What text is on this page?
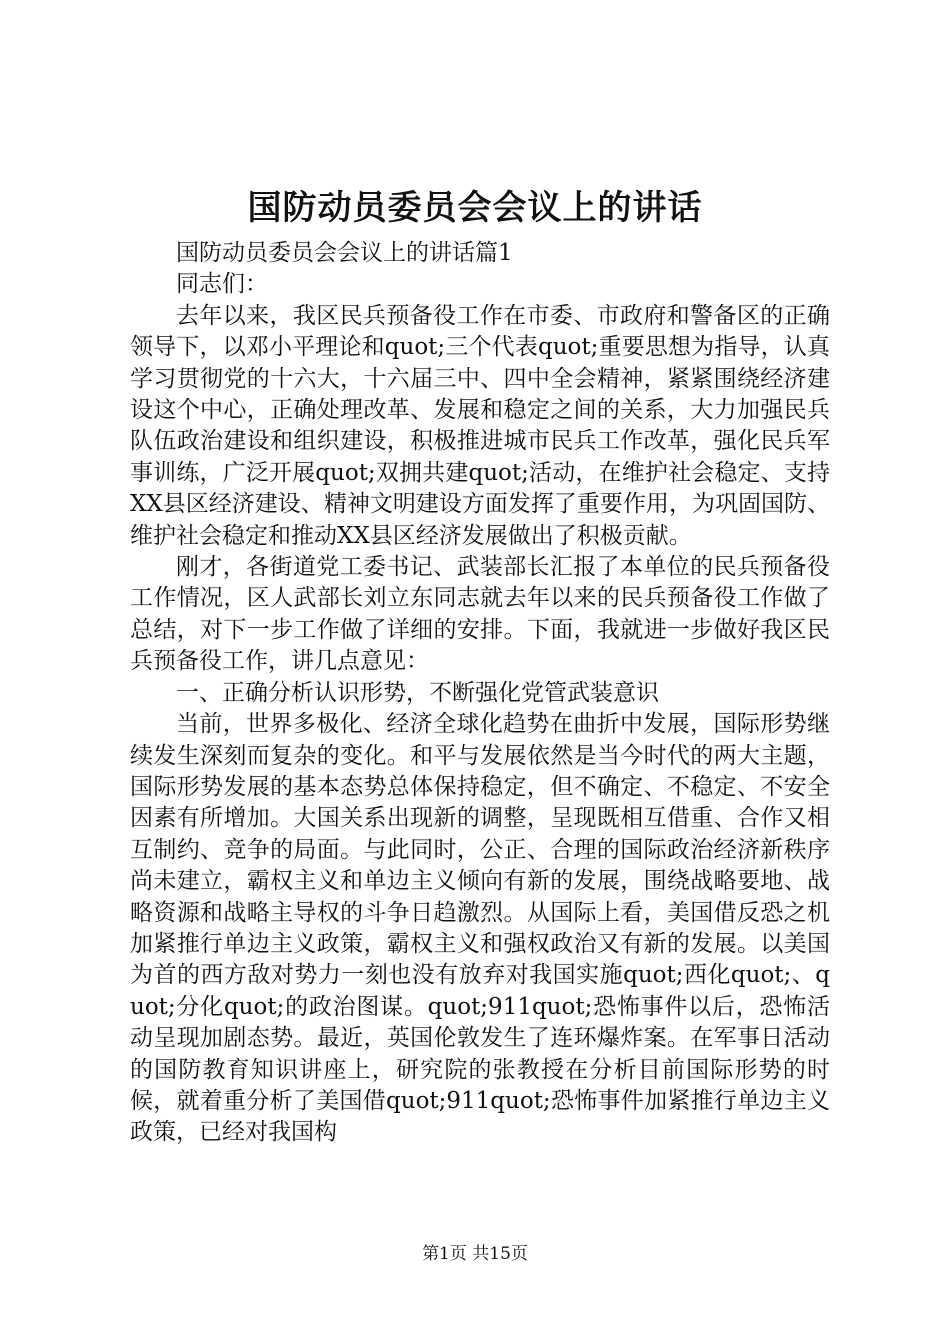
国防动员委员会会议上的讲话

国防动员委员会会议上的讲话篇1

同志们：

去年以来，我区民兵预备役工作在市委、市政府和警备区的正确领导下，以邓小平理论和quot;三个代表quot;重要思想为指导，认真学习贯彻党的十六大，十六届三中、四中全会精神，紧紧围绕经济建设这个中心，正确处理改革、发展和稳定之间的关系，大力加强民兵队伍政治建设和组织建设，积极推进城市民兵工作改革，强化民兵军事训练，广泛开展quot;双拥共建quot;活动，在维护社会稳定、支持XX县区经济建设、精神文明建设方面发挥了重要作用，为巩固国防、维护社会稳定和推动XX县区经济发展做出了积极贡献。

刚才，各街道党工委书记、武装部长汇报了本单位的民兵预备役工作情况，区人武部长刘立东同志就去年以来的民兵预备役工作做了总结，对下一步工作做了详细的安排。下面，我就进一步做好我区民兵预备役工作，讲几点意见：

一、正确分析认识形势，不断强化党管武装意识

当前，世界多极化、经济全球化趋势在曲折中发展，国际形势继续发生深刻而复杂的变化。和平与发展依然是当今时代的两大主题，国际形势发展的基本态势总体保持稳定，但不确定、不稳定、不安全因素有所增加。大国关系出现新的调整，呈现既相互借重、合作又相互制约、竞争的局面。与此同时，公正、合理的国际政治经济新秩序尚未建立，霸权主义和单边主义倾向有新的发展，围绕战略要地、战略资源和战略主导权的斗争日趋激烈。从国际上看，美国借反恐之机加紧推行单边主义政策，霸权主义和强权政治又有新的发展。以美国为首的西方敌对势力一刻也没有放弃对我国实施quot;西化quot;、quot;分化quot;的政治图谋。quot;911quot;恐怖事件以后，恐怖活动呈现加剧态势。最近，英国伦敦发生了连环爆炸案。在军事日活动的国防教育知识讲座上，研究院的张教授在分析目前国际形势的时候，就着重分析了美国借quot;911quot;恐怖事件加紧推行单边主义政策，已经对我国构

第1页 共15页
